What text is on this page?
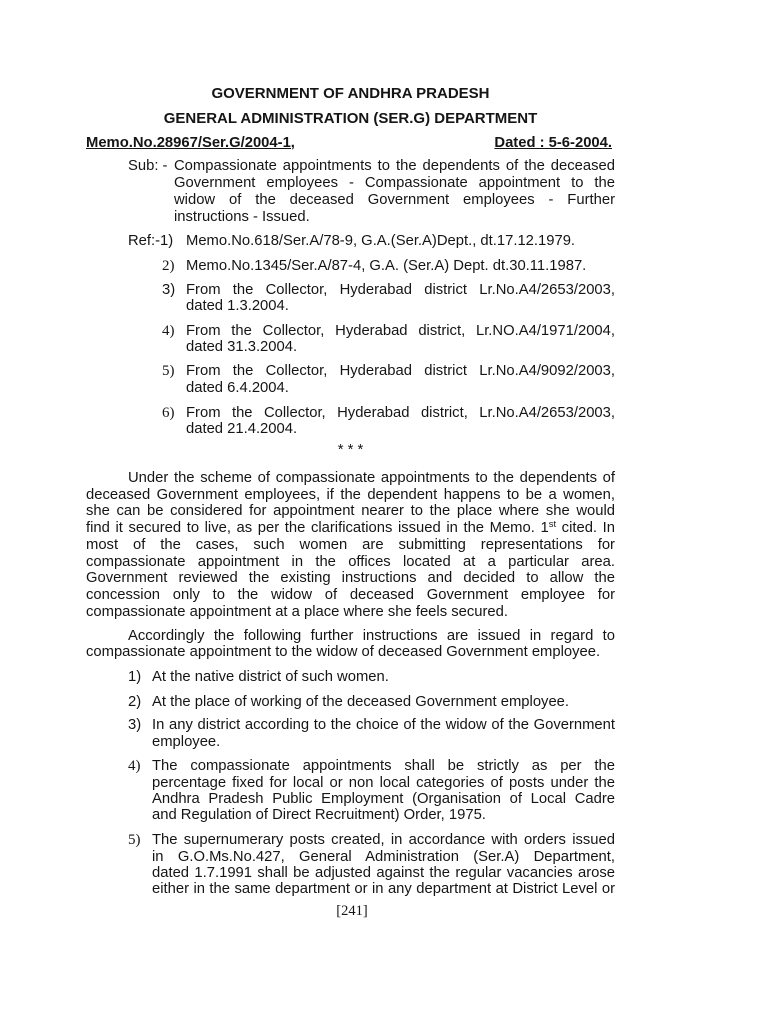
GOVERNMENT OF ANDHRA PRADESH
GENERAL ADMINISTRATION (SER.G) DEPARTMENT
Memo.No.28967/Ser.G/2004-1,	Dated : 5-6-2004.
Sub: - Compassionate appointments to the dependents of the deceased
Government employees - Compassionate appointment to the
widow of the deceased Government employees - Further
instructions - Issued.
Ref:- 1) Memo.No.618/Ser.A/78-9, G.A.(Ser.A)Dept., dt.17.12.1979.
2) Memo.No.1345/Ser.A/87-4, G.A. (Ser.A) Dept. dt.30.11.1987.
3) From the Collector, Hyderabad district Lr.No.A4/2653/2003,
dated 1.3.2004.
4) From the Collector, Hyderabad district, Lr.NO.A4/1971/2004,
dated 31.3.2004.
5) From the Collector, Hyderabad district Lr.No.A4/9092/2003,
dated 6.4.2004.
6) From the Collector, Hyderabad district, Lr.No.A4/2653/2003,
dated 21.4.2004.
* * *
Under the scheme of compassionate appointments to the dependents of
deceased Government employees, if the dependent happens to be a women,
she can be considered for appointment nearer to the place where she would
find it secured to live, as per the clarifications issued in the Memo. 1st cited. In
most of the cases, such women are submitting representations for
compassionate appointment in the offices located at a particular area.
Government reviewed the existing instructions and decided to allow the
concession only to the widow of deceased Government employee for
compassionate appointment at a place where she feels secured.
Accordingly the following further instructions are issued in regard to
compassionate appointment to the widow of deceased Government employee.
1) At the native district of such women.
2) At the place of working of the deceased Government employee.
3) In any district according to the choice of the widow of the Government
employee.
4) The compassionate appointments shall be strictly as per the
percentage fixed for local or non local categories of posts under the
Andhra Pradesh Public Employment (Organisation of Local Cadre
and Regulation of Direct Recruitment) Order, 1975.
5) The supernumerary posts created, in accordance with orders issued
in G.O.Ms.No.427, General Administration (Ser.A) Department,
dated 1.7.1991 shall be adjusted against the regular vacancies arose
either in the same department or in any department at District Level or
[241]
